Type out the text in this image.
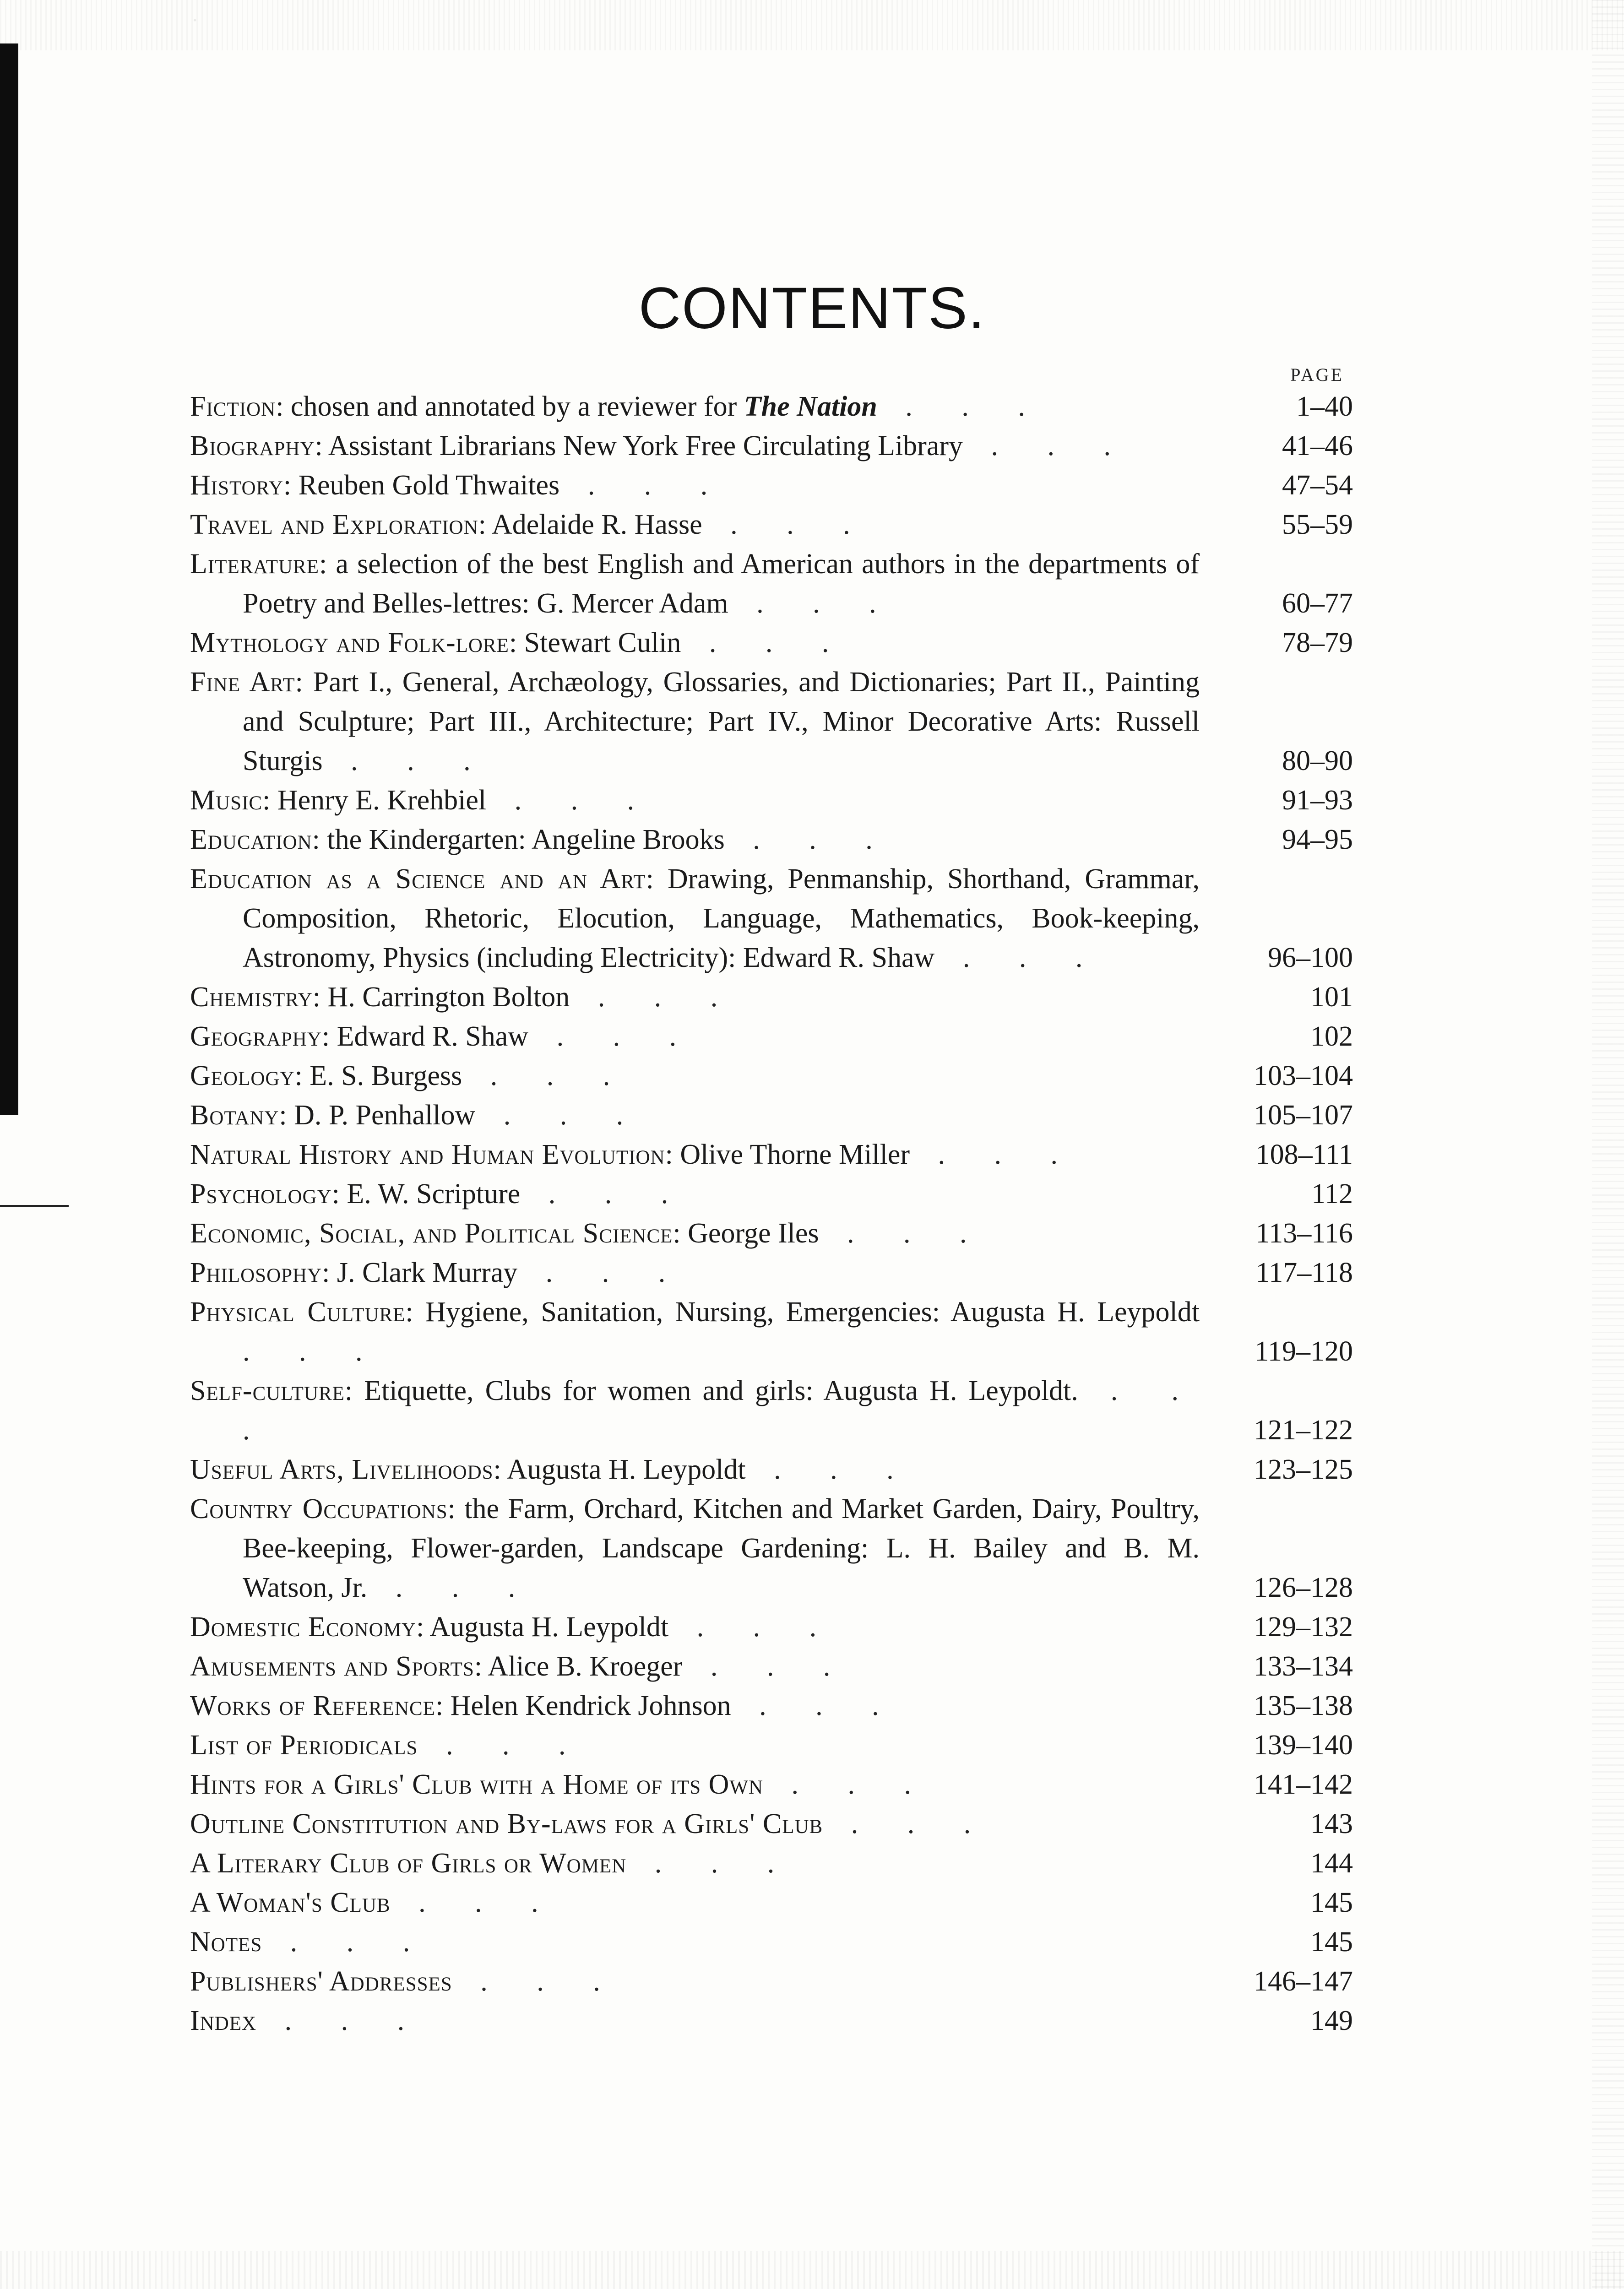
CONTENTS.
PAGE
Fiction: chosen and annotated by a reviewer for The Nation . . .	1–40
Biography: Assistant Librarians New York Free Circulating Library . . .	41–46
History: Reuben Gold Thwaites . . .	47–54
Travel and Exploration: Adelaide R. Hasse . . .	55–59
Literature: a selection of the best English and American authors in the departments of Poetry and Belles-lettres: G. Mercer Adam . . .	60–77
Mythology and Folk-lore: Stewart Culin . . .	78–79
Fine Art: Part I., General, Archæology, Glossaries, and Dictionaries; Part II., Painting and Sculpture; Part III., Architecture; Part IV., Minor Decorative Arts: Russell Sturgis . . .	80–90
Music: Henry E. Krehbiel . . .	91–93
Education: the Kindergarten: Angeline Brooks . . .	94–95
Education as a Science and an Art: Drawing, Penmanship, Shorthand, Grammar, Composition, Rhetoric, Elocution, Language, Mathematics, Book-keeping, Astronomy, Physics (including Electricity): Edward R. Shaw . . .	96–100
Chemistry: H. Carrington Bolton . . .	101
Geography: Edward R. Shaw . . .	102
Geology: E. S. Burgess . . .	103–104
Botany: D. P. Penhallow . . .	105–107
Natural History and Human Evolution: Olive Thorne Miller . . .	108–111
Psychology: E. W. Scripture . . .	112
Economic, Social, and Political Science: George Iles . . .	113–116
Philosophy: J. Clark Murray . . .	117–118
Physical Culture: Hygiene, Sanitation, Nursing, Emergencies: Augusta H. Leypoldt . . .	119–120
Self-culture: Etiquette, Clubs for women and girls: Augusta H. Leypoldt. . . .	121–122
Useful Arts, Livelihoods: Augusta H. Leypoldt . . .	123–125
Country Occupations: the Farm, Orchard, Kitchen and Market Garden, Dairy, Poultry, Bee-keeping, Flower-garden, Landscape Gardening: L. H. Bailey and B. M. Watson, Jr. . . .	126–128
Domestic Economy: Augusta H. Leypoldt . . .	129–132
Amusements and Sports: Alice B. Kroeger . . .	133–134
Works of Reference: Helen Kendrick Johnson . . .	135–138
List of Periodicals . . .	139–140
Hints for a Girls' Club with a Home of its Own . . .	141–142
Outline Constitution and By-laws for a Girls' Club . . .	143
A Literary Club of Girls or Women . . .	144
A Woman's Club . . .	145
Notes . . .	145
Publishers' Addresses . . .	146–147
Index . . .	149
